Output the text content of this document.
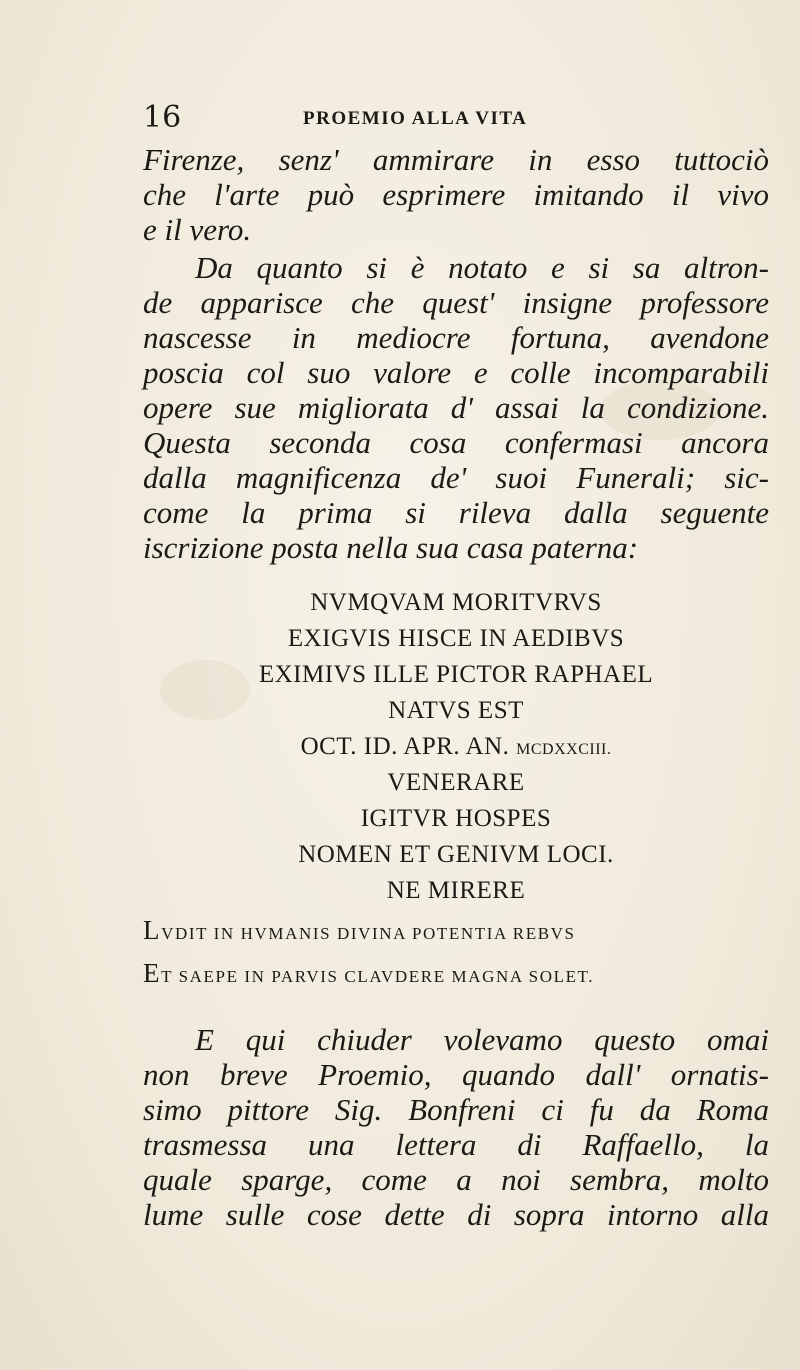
16	PROEMIO ALLA VITA
Firenze, senz' ammirare in esso tuttociò
che l'arte può esprimere imitando il vivo
e il vero.
Da quanto si è notato e si sa altron-
de apparisce che quest' insigne professore
nascesse in mediocre fortuna, avendone
poscia col suo valore e colle incomparabili
opere sue migliorata d' assai la condizione.
Questa seconda cosa confermasi ancora
dalla magnificenza de' suoi Funerali; sic-
come la prima si rileva dalla seguente
iscrizione posta nella sua casa paterna:
NVMQVAM MORITVRVS
EXIGVIS HISCE IN AEDIBVS
EXIMIVS ILLE PICTOR RAPHAEL
NATVS EST
OCT. ID. APR. AN. MCDXXCIII.
VENERARE
IGITVR HOSPES
NOMEN ET GENIVM LOCI.
NE MIRERE
LVDIT IN HVMANIS DIVINA POTENTIA REBVS
ET SAEPE IN PARVIS CLAVDERE MAGNA SOLET.
E qui chiuder volevamo questo omai
non breve Proemio, quando dall' ornatis-
simo pittore Sig. Bonfreni ci fu da Roma
trasmessa una lettera di Raffaello, la
quale sparge, come a noi sembra, molto
lume sulle cose dette di sopra intorno alla
